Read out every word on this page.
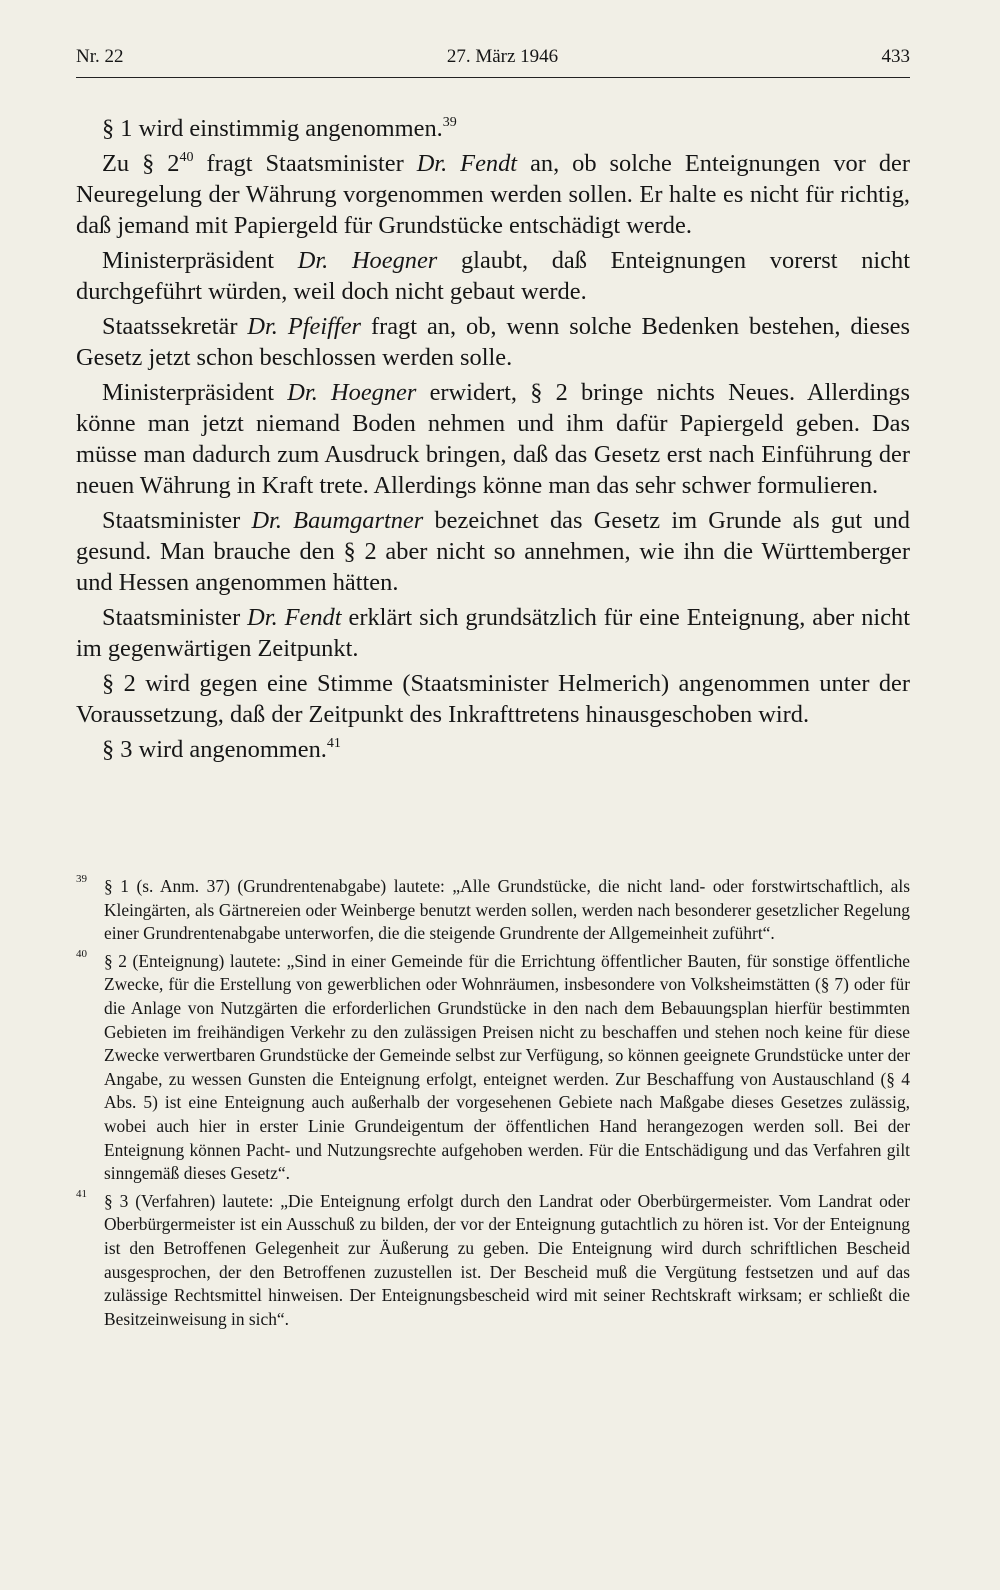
Nr. 22	27. März 1946	433

§ 1 wird einstimmig angenommen.$^{39}$

Zu § $2^{40}$ fragt Staatsminister Dr. Fendt an, ob solche Enteignungen vor der Neuregelung der Währung vorgenommen werden sollen. Er halte es nicht für richtig, daß jemand mit Papiergeld für Grundstücke entschädigt werde.

Ministerpräsident Dr. Hoegner glaubt, daß Enteignungen vorerst nicht durchgeführt würden, weil doch nicht gebaut werde.

Staatssekretär Dr. Pfeiffer fragt an, ob, wenn solche Bedenken bestehen, dieses Gesetz jetzt schon beschlossen werden solle.

Ministerpräsident Dr. Hoegner erwidert, § 2 bringe nichts Neues. Allerdings könne man jetzt niemand Boden nehmen und ihm dafür Papiergeld geben. Das müsse man dadurch zum Ausdruck bringen, daß das Gesetz erst nach Einführung der neuen Währung in Kraft trete. Allerdings könne man das sehr schwer formulieren.

Staatsminister Dr. Baumgartner bezeichnet das Gesetz im Grunde als gut und gesund. Man brauche den § 2 aber nicht so annehmen, wie ihn die Württemberger und Hessen angenommen hätten.

Staatsminister Dr. Fendt erklärt sich grundsätzlich für eine Enteignung, aber nicht im gegenwärtigen Zeitpunkt.

§ 2 wird gegen eine Stimme (Staatsminister Helmerich) angenommen unter der Voraussetzung, daß der Zeitpunkt des Inkrafttretens hinausgeschoben wird.

§ 3 wird angenommen.$^{41}$

39 § 1 (s. Anm. 37) (Grundrentenabgabe) lautete: „Alle Grundstücke, die nicht land- oder forstwirtschaftlich, als Kleingärten, als Gärtnereien oder Weinberge benutzt werden sollen, werden nach besonderer gesetzlicher Regelung einer Grundrentenabgabe unterworfen, die die steigende Grundrente der Allgemeinheit zuführt“.
40 § 2 (Enteignung) lautete: „Sind in einer Gemeinde für die Errichtung öffentlicher Bauten, für sonstige öffentliche Zwecke, für die Erstellung von gewerblichen oder Wohnräumen, insbesondere von Volksheimstätten (§ 7) oder für die Anlage von Nutzgärten die erforderlichen Grundstücke in den nach dem Bebauungsplan hierfür bestimmten Gebieten im freihändigen Verkehr zu den zulässigen Preisen nicht zu beschaffen und stehen noch keine für diese Zwecke verwertbaren Grundstücke der Gemeinde selbst zur Verfügung, so können geeignete Grundstücke unter der Angabe, zu wessen Gunsten die Enteignung erfolgt, enteignet werden. Zur Beschaffung von Austauschland (§ 4 Abs. 5) ist eine Enteignung auch außerhalb der vorgesehenen Gebiete nach Maßgabe dieses Gesetzes zulässig, wobei auch hier in erster Linie Grundeigentum der öffentlichen Hand herangezogen werden soll. Bei der Enteignung können Pacht- und Nutzungsrechte aufgehoben werden. Für die Entschädigung und das Verfahren gilt sinngemäß dieses Gesetz“.
41 § 3 (Verfahren) lautete: „Die Enteignung erfolgt durch den Landrat oder Oberbürgermeister. Vom Landrat oder Oberbürgermeister ist ein Ausschuß zu bilden, der vor der Enteignung gutachtlich zu hören ist. Vor der Enteignung ist den Betroffenen Gelegenheit zur Äußerung zu geben. Die Enteignung wird durch schriftlichen Bescheid ausgesprochen, der den Betroffenen zuzustellen ist. Der Bescheid muß die Vergütung festsetzen und auf das zulässige Rechtsmittel hinweisen. Der Enteignungsbescheid wird mit seiner Rechtskraft wirksam; er schließt die Besitzeinweisung in sich“.
